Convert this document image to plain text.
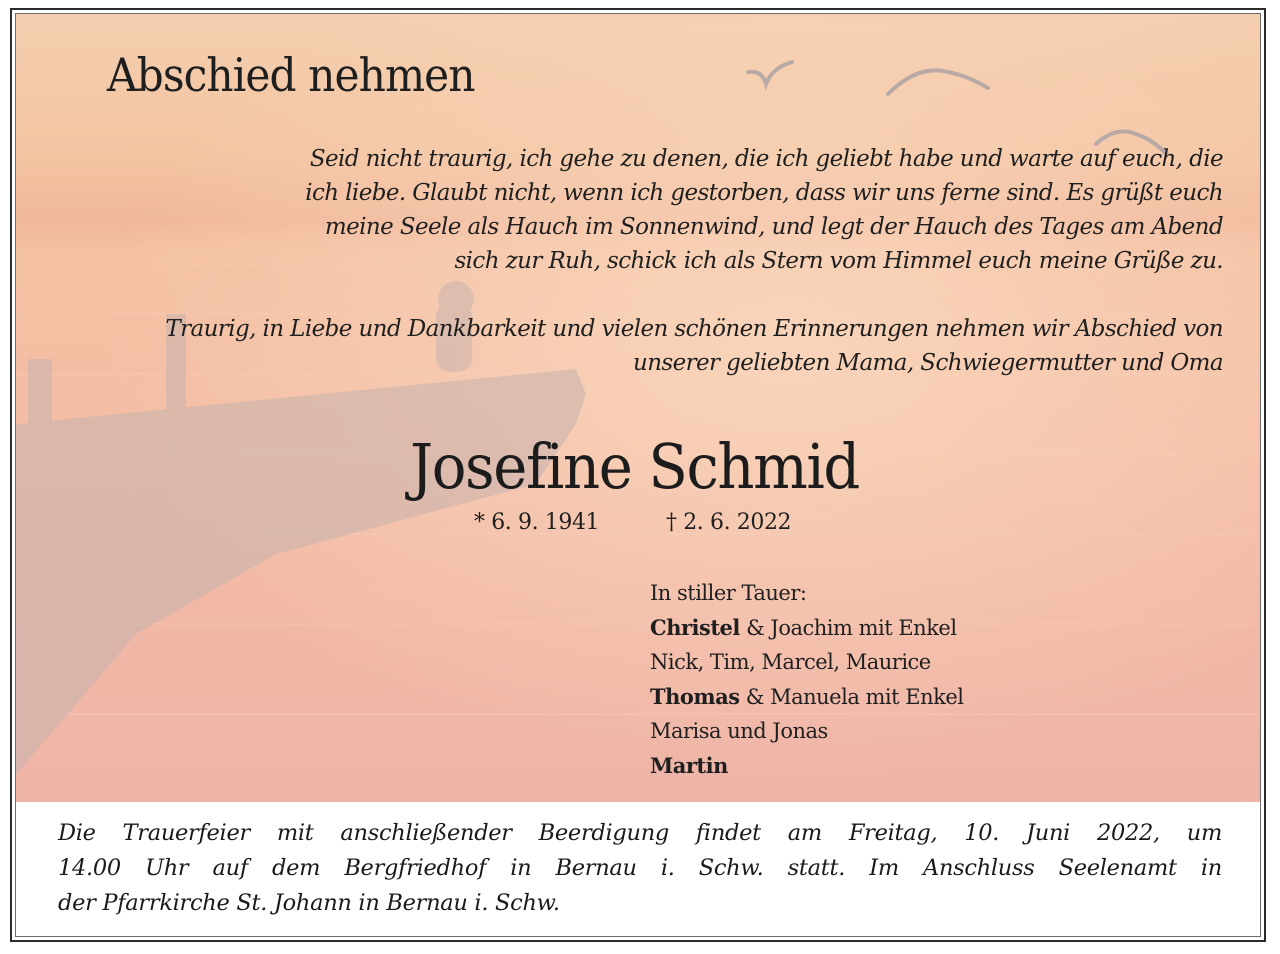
Abschied nehmen

Seid nicht traurig, ich gehe zu denen, die ich geliebt habe und warte auf euch, die
ich liebe. Glaubt nicht, wenn ich gestorben, dass wir uns ferne sind. Es grüßt euch
meine Seele als Hauch im Sonnenwind, und legt der Hauch des Tages am Abend
sich zur Ruh, schick ich als Stern vom Himmel euch meine Grüße zu.

Traurig, in Liebe und Dankbarkeit und vielen schönen Erinnerungen nehmen wir Abschied von
unserer geliebten Mama, Schwiegermutter und Oma

Josefine Schmid
* 6. 9. 1941	† 2. 6. 2022
In stiller Tauer:
Christel & Joachim mit Enkel
Nick, Tim, Marcel, Maurice
Thomas & Manuela mit Enkel
Marisa und Jonas
Martin

Die Trauerfeier mit anschließender Beerdigung findet am Freitag, 10. Juni 2022, um
14.00 Uhr auf dem Bergfriedhof in Bernau i. Schw. statt. Im Anschluss Seelenamt in
der Pfarrkirche St. Johann in Bernau i. Schw.
